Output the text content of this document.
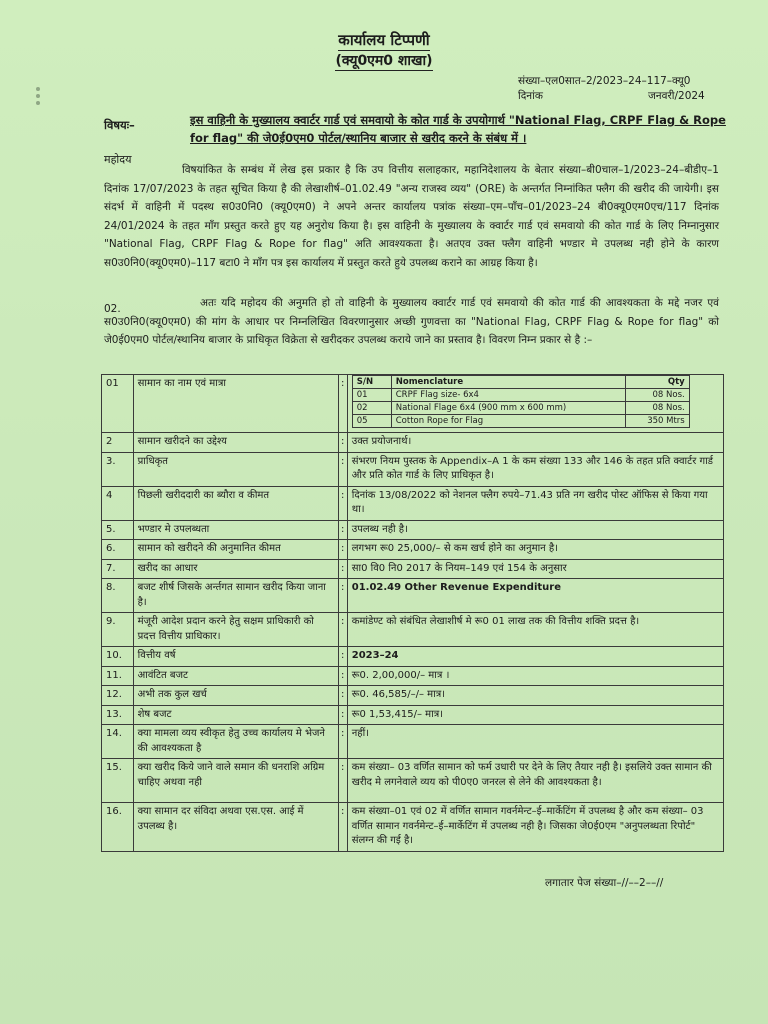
कार्यालय टिप्पणी
(क्यू0एम0 शाखा)
संख्या–एल0सात–2/2023–24–117–क्यू0
दिनांक	जनवरी/2024
विषयः–	इस वाहिनी के मुख्यालय क्वार्टर गार्ड एवं समवायो के कोत गार्ड के उपयोगार्थ "National Flag, CRPF Flag & Rope for flag" की जे0ई0एम0 पोर्टल/स्थानिय बाजार से खरीद करने के संबंध में ।
महोदय
विषयांकित के सम्बंध में लेख इस प्रकार है कि उप वित्तीय सलाहकार, महानिदेशालय के बेतार संख्या–बी0चाल–1/2023–24–बीडीए–1 दिनांक 17/07/2023 के तहत सूचित किया है की लेखाशीर्ष–01.02.49 "अन्य राजस्व व्यय" (ORE) के अन्तर्गत निम्नांकित फ्लैग की खरीद की जायेगी। इस संदर्भ में वाहिनी में पदस्थ स0उ0नि0 (क्यू0एम0) ने अपने अन्तर कार्यालय पत्रांक संख्या–एम–पाँच–01/2023–24 बी0क्यू0एम0एच/117 दिनांक 24/01/2024 के तहत माँग प्रस्तुत करते हुए यह अनुरोध किया है। इस वाहिनी के मुख्यालय के क्वार्टर गार्ड एवं समवायो की कोत गार्ड के लिए निम्नानुसार "National Flag, CRPF Flag & Rope for flag" अति आवश्यकता है। अतएव उक्त फ्लैग वाहिनी भण्डार मे उपलब्ध नही होने के कारण स0उ0नि0(क्यू0एम0)–117 बटा0 ने माँग पत्र इस कार्यालय में प्रस्तुत करते हुये उपलब्ध कराने का आग्रह किया है।
अतः यदि महोदय की अनुमति हो तो वाहिनी के मुख्यालय क्वार्टर गार्ड एवं समवायो की कोत गार्ड की आवश्यकता के मद्दे नजर एवं स0उ0नि0(क्यू0एम0) की मांग के आधार पर निम्नलिखित विवरणानुसार अच्छी गुणवत्ता का "National Flag, CRPF Flag & Rope for flag" को जे0ई0एम0 पोर्टल/स्थानिय बाजार के प्राधिकृत विक्रेता से खरीदकर उपलब्ध कराये जाने का प्रस्ताव है। विवरण निम्न प्रकार से है :–
02.
01	सामान का नाम एवं मात्रा	:	S/N	Nomenclature	Qty
01	CRPF Flag size- 6x4	08 Nos.
02	National Flage 6x4 (900 mm x 600 mm)	08 Nos.
05	Cotton Rope for Flag	350 Mtrs

2	सामान खरीदने का उद्देश्य	:	उक्त प्रयोजनार्थ।
3.	प्राधिकृत	:	संभरण नियम पुस्तक के Appendix–A 1 के कम संख्या 133 और 146 के तहत प्रति क्वार्टर गार्ड और प्रति कोत गार्ड के लिए प्राधिकृत है।
4	पिछली खरीददारी का ब्यौरा व कीमत	:	दिनांक 13/08/2022 को नेशनल फ्लैग रुपये–71.43 प्रति नग खरीद पोस्ट ऑफिस से किया गया था।
5.	भण्डार मे उपलब्धता	:	उपलब्ध नही है।
6.	सामान को खरीदने की अनुमानित कीमत	:	लगभग रू0 25,000/– से कम खर्च होने का अनुमान है।
7.	खरीद का आधार	:	सा0 वि0 नि0 2017 के नियम–149 एवं 154 के अनुसार
8.	बजट शीर्ष जिसके अर्न्तगत सामान खरीद किया जाना है।	:	01.02.49 Other Revenue Expenditure
9.	मंजूरी आदेश प्रदान करने हेतु सक्षम प्राधिकारी को प्रदत्त वित्तीय प्राधिकार।	:	कमांडेण्ट को संबंधित लेखाशीर्ष मे रू0 01 लाख तक की वित्तीय शक्ति प्रदत्त है।
10.	वित्तीय वर्ष	:	2023–24
11.	आवंटित बजट	:	रू0. 2,00,000/– मात्र ।
12.	अभी तक कुल खर्च	:	रू0. 46,585/–/– मात्र।
13.	शेष बजट	:	रू0 1,53,415/– मात्र।
14.	क्या मामला व्यय स्वीकृत हेतु उच्च कार्यालय मे भेजने की आवश्यकता है	:	नहीं।
15.	क्या खरीद किये जाने वाले समान की धनराशि अग्रिम चाहिए अथवा नही	:	कम संख्या– 03 वर्णित सामान को फर्म उधारी पर देने के लिए तैयार नही है। इसलिये उक्त सामान की खरीद मे लगनेवाले व्यय को पी0ए0 जनरल से लेने की आवश्यकता है।
16.	क्या सामान दर संविदा अथवा एस.एस. आई में उपलब्ध है।	:	कम संख्या–01 एवं 02 में वर्णित सामान गवर्नमेन्ट–ई–मार्केटिंग में उपलब्ध है और कम संख्या– 03 वर्णित सामान गवर्नमेन्ट–ई–मार्केटिंग में उपलब्ध नही है। जिसका जे0ई0एम "अनुपलब्धता रिपोर्ट" संलग्न की गई है।
लगातार पेज संख्या–//––2––//
